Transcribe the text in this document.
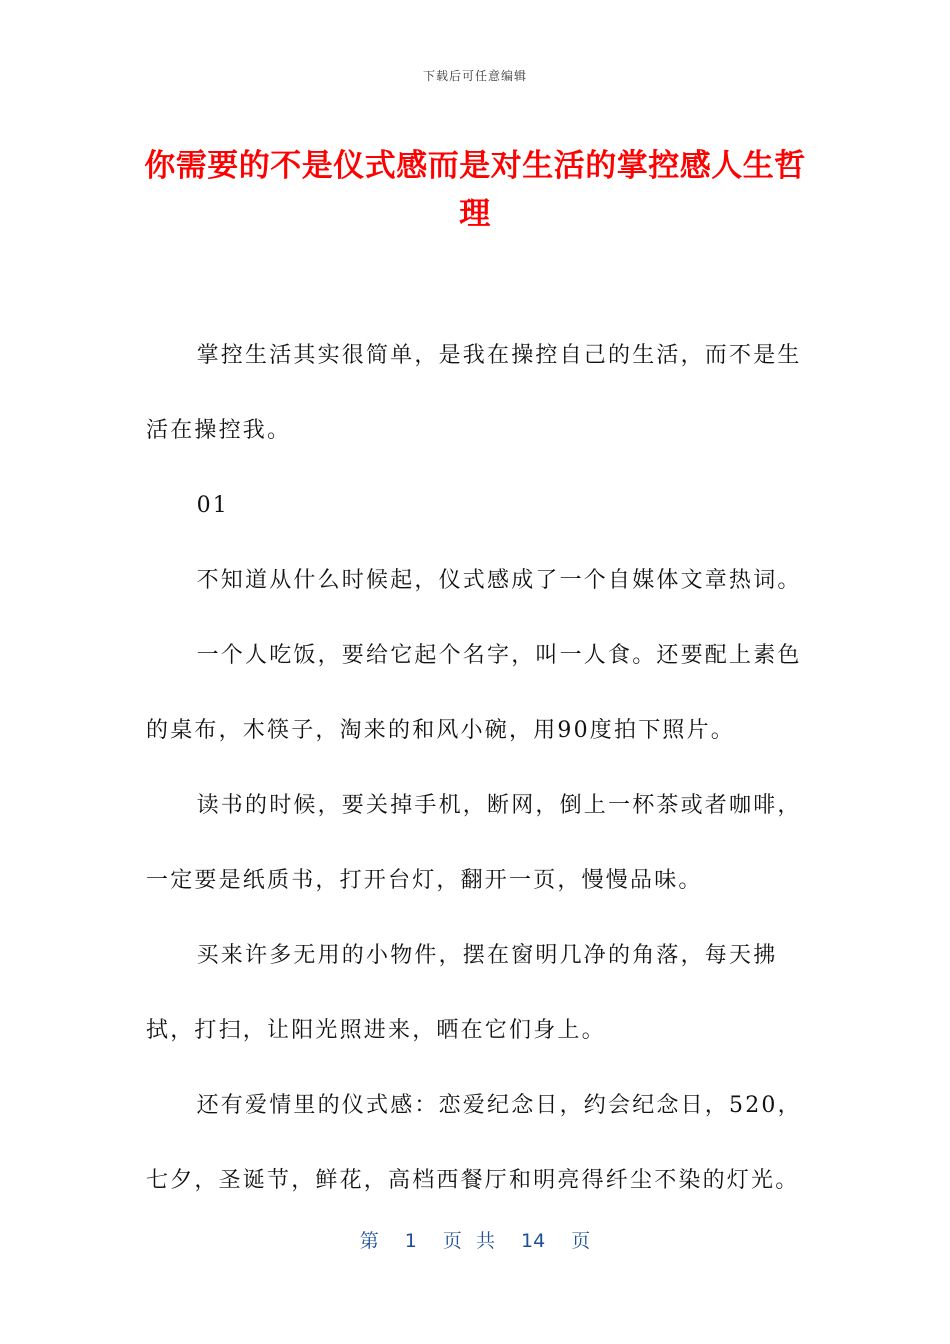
下载后可任意编辑
你需要的不是仪式感而是对生活的掌控感人生哲理

掌控生活其实很简单，是我在操控自己的生活，而不是生活在操控我。

01

不知道从什么时候起，仪式感成了一个自媒体文章热词。

一个人吃饭，要给它起个名字，叫一人食。还要配上素色的桌布，木筷子，淘来的和风小碗，用90度拍下照片。

读书的时候，要关掉手机，断网，倒上一杯茶或者咖啡，一定要是纸质书，打开台灯，翻开一页，慢慢品味。

买来许多无用的小物件，摆在窗明几净的角落，每天拂拭，打扫，让阳光照进来，晒在它们身上。

还有爱情里的仪式感：恋爱纪念日，约会纪念日，520，七夕，圣诞节，鲜花，高档西餐厅和明亮得纤尘不染的灯光。

第 1 页 共 14 页
